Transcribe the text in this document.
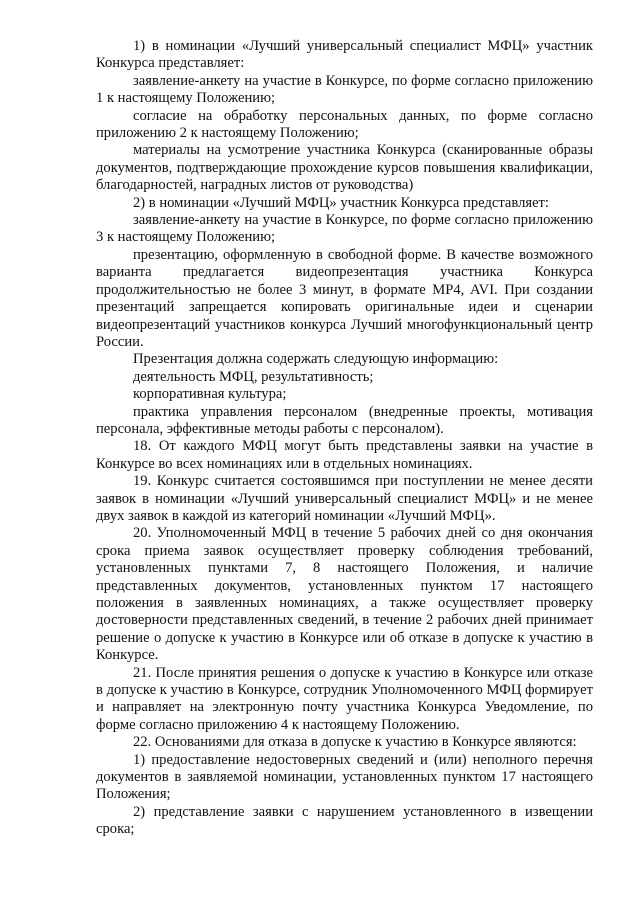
1) в номинации «Лучший универсальный специалист МФЦ» участник Конкурса представляет:

заявление-анкету на участие в Конкурсе, по форме согласно приложению 1 к настоящему Положению;

согласие на обработку персональных данных, по форме согласно приложению 2 к настоящему Положению;

материалы на усмотрение участника Конкурса (сканированные образы документов, подтверждающие прохождение курсов повышения квалификации, благодарностей, наградных листов от руководства)

2) в номинации «Лучший МФЦ» участник Конкурса представляет:

заявление-анкету на участие в Конкурсе, по форме согласно приложению 3 к настоящему Положению;

презентацию, оформленную в свободной форме. В качестве возможного варианта предлагается видеопрезентация участника Конкурса продолжительностью не более 3 минут, в формате MP4, AVI. При создании презентаций запрещается копировать оригинальные идеи и сценарии видеопрезентаций участников конкурса Лучший многофункциональный центр России.

Презентация должна содержать следующую информацию:

деятельность МФЦ, результативность;

корпоративная культура;

практика управления персоналом (внедренные проекты, мотивация персонала, эффективные методы работы с персоналом).

18. От каждого МФЦ могут быть представлены заявки на участие в Конкурсе во всех номинациях или в отдельных номинациях.

19. Конкурс считается состоявшимся при поступлении не менее десяти заявок в номинации «Лучший универсальный специалист МФЦ» и не менее двух заявок в каждой из категорий номинации «Лучший МФЦ».

20. Уполномоченный МФЦ в течение 5 рабочих дней со дня окончания срока приема заявок осуществляет проверку соблюдения требований, установленных пунктами 7, 8 настоящего Положения, и наличие представленных документов, установленных пунктом 17 настоящего положения в заявленных номинациях, а также осуществляет проверку достоверности представленных сведений, в течение 2 рабочих дней принимает решение о допуске к участию в Конкурсе или об отказе в допуске к участию в Конкурсе.

21. После принятия решения о допуске к участию в Конкурсе или отказе в допуске к участию в Конкурсе, сотрудник Уполномоченного МФЦ формирует и направляет на электронную почту участника Конкурса Уведомление, по форме согласно приложению 4 к настоящему Положению.

22. Основаниями для отказа в допуске к участию в Конкурсе являются:

1) предоставление недостоверных сведений и (или) неполного перечня документов в заявляемой номинации, установленных пунктом 17 настоящего Положения;

2) представление заявки с нарушением установленного в извещении срока;
